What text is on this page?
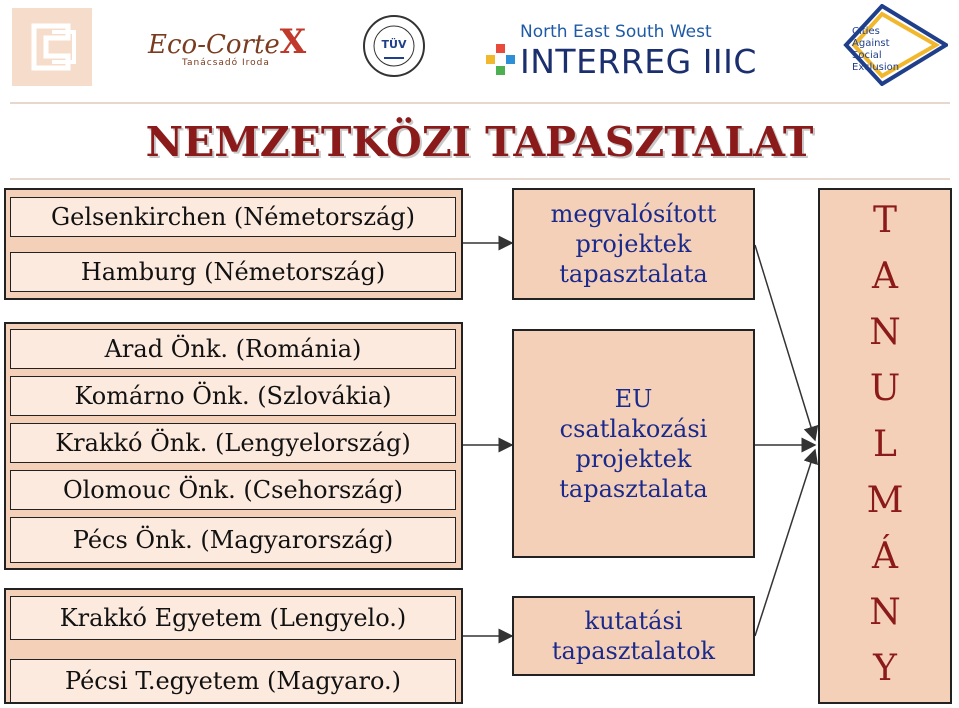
Eco-CorteX
Tanácsadó Iroda
TÜV
North East South West
INTERREG IIIC
Cities
Against
Social
Exclusion
NEMZETKÖZI TAPASZTALAT
Gelsenkirchen (Németország)
Hamburg (Németország)
Arad Önk. (Románia)
Komárno Önk. (Szlovákia)
Krakkó Önk. (Lengyelország)
Olomouc Önk. (Csehország)
Pécs Önk. (Magyarország)
Krakkó Egyetem (Lengyelo.)
Pécsi T.egyetem (Magyaro.)
megvalósított
projektek
tapasztalata
EU
csatlakozási
projektek
tapasztalata
kutatási
tapasztalatok
T
A
N
U
L
M
Á
N
Y
